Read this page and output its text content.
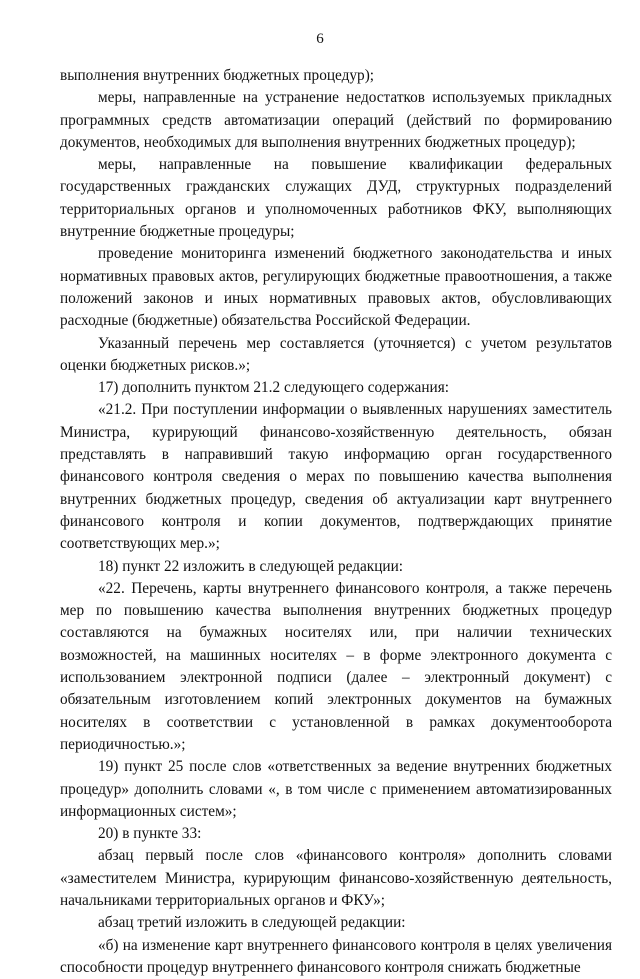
6

выполнения внутренних бюджетных процедур);

меры, направленные на устранение недостатков используемых прикладных программных средств автоматизации операций (действий по формированию документов, необходимых для выполнения внутренних бюджетных процедур);

меры, направленные на повышение квалификации федеральных государственных гражданских служащих ДУД, структурных подразделений территориальных органов и уполномоченных работников ФКУ, выполняющих внутренние бюджетные процедуры;

проведение мониторинга изменений бюджетного законодательства и иных нормативных правовых актов, регулирующих бюджетные правоотношения, а также положений законов и иных нормативных правовых актов, обусловливающих расходные (бюджетные) обязательства Российской Федерации.

Указанный перечень мер составляется (уточняется) с учетом результатов оценки бюджетных рисков.»;

17) дополнить пунктом 21.2 следующего содержания:

«21.2. При поступлении информации о выявленных нарушениях заместитель Министра, курирующий финансово-хозяйственную деятельность, обязан представлять в направивший такую информацию орган государственного финансового контроля сведения о мерах по повышению качества выполнения внутренних бюджетных процедур, сведения об актуализации карт внутреннего финансового контроля и копии документов, подтверждающих принятие соответствующих мер.»;

18) пункт 22 изложить в следующей редакции:

«22. Перечень, карты внутреннего финансового контроля, а также перечень мер по повышению качества выполнения внутренних бюджетных процедур составляются на бумажных носителях или, при наличии технических возможностей, на машинных носителях – в форме электронного документа с использованием электронной подписи (далее – электронный документ) с обязательным изготовлением копий электронных документов на бумажных носителях в соответствии с установленной в рамках документооборота периодичностью.»;

19) пункт 25 после слов «ответственных за ведение внутренних бюджетных процедур» дополнить словами «, в том числе с применением автоматизированных информационных систем»;

20) в пункте 33:

абзац первый после слов «финансового контроля» дополнить словами «заместителем Министра, курирующим финансово-хозяйственную деятельность, начальниками территориальных органов и ФКУ»;

абзац третий изложить в следующей редакции:

«б) на изменение карт внутреннего финансового контроля в целях увеличения способности процедур внутреннего финансового контроля снижать бюджетные
